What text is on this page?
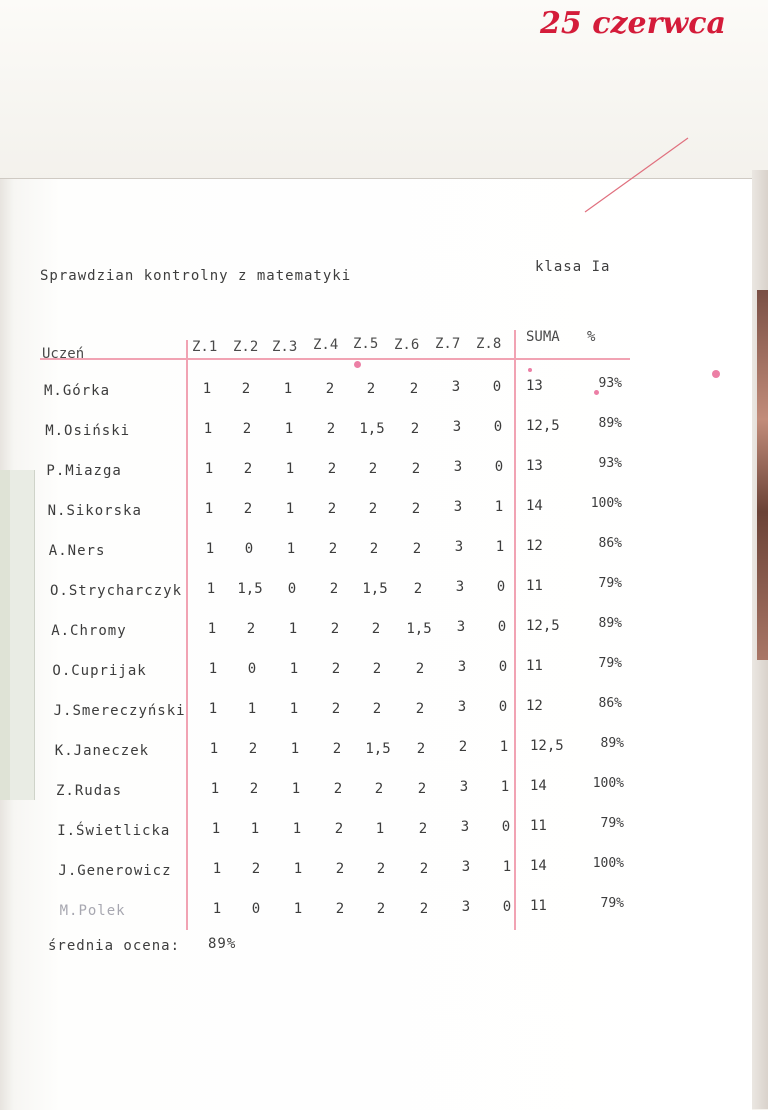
25 czerwca
Sprawdzian kontrolny z matematyki
klasa Ia
Uczeń	Z.1 Z.2 Z.3 Z.4 Z.5 Z.6 Z.7 Z.8 SUMA %
M.Górka	1	2	1	2	2	2	3	0	13	93%
M.Osiński	1	2	1	2	1,5	2	3	0	12,5	89%
P.Miazga	1	2	1	2	2	2	3	0	13	93%
N.Sikorska	1	2	1	2	2	2	3	1	14	100%
A.Ners	1	0	1	2	2	2	3	1	12	86%
O.Strycharczyk	1	1,5	0	2	1,5	2	3	0	11	79%
A.Chromy	1	2	1	2	2	1,5	3	0	12,5	89%
O.Cuprijak	1	0	1	2	2	2	3	0	11	79%
J.Smereczyński	1	1	1	2	2	2	3	0	12	86%
K.Janeczek	1	2	1	2	1,5	2	2	1	12,5	89%
Z.Rudas	1	2	1	2	2	2	3	1	14	100%
I.Świetlicka	1	1	1	2	1	2	3	0	11	79%
J.Generowicz	1	2	1	2	2	2	3	1	14	100%
M.Polek	1	0	1	2	2	2	3	0	11	79%
średnia ocena: 89%
